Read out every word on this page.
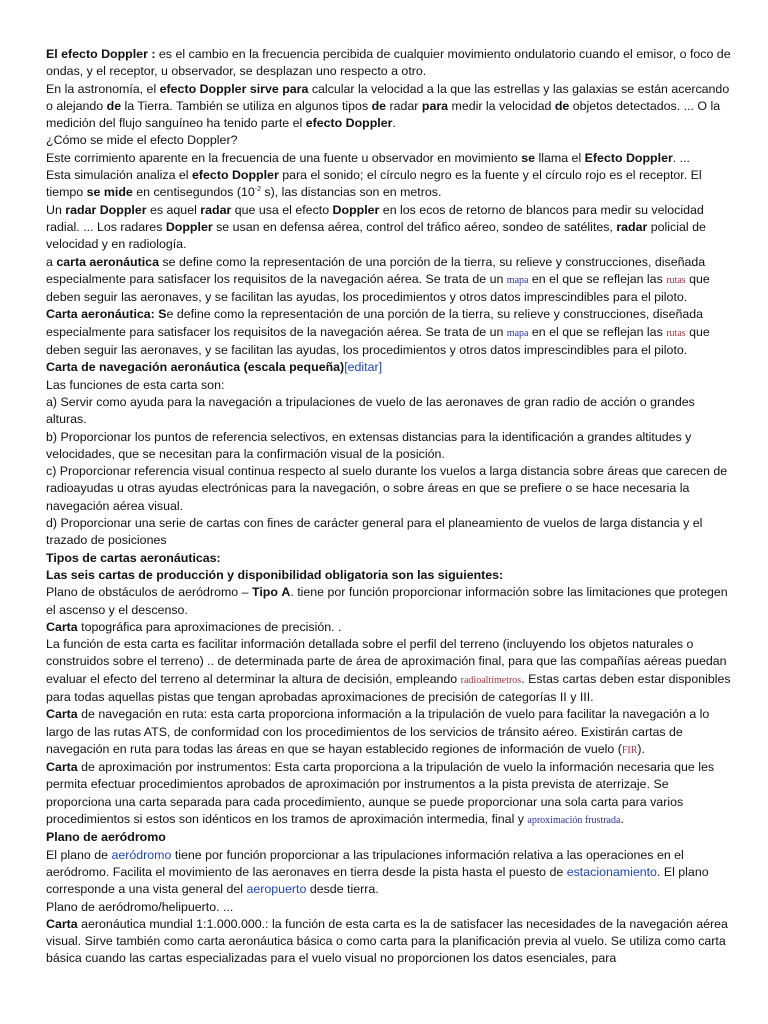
El efecto Doppler : es el cambio en la frecuencia percibida de cualquier movimiento ondulatorio cuando el emisor, o foco de ondas, y el receptor, u observador, se desplazan uno respecto a otro.

En la astronomía, el efecto Doppler sirve para calcular la velocidad a la que las estrellas y las galaxias se están acercando o alejando de la Tierra. También se utiliza en algunos tipos de radar para medir la velocidad de objetos detectados. ... O la medición del flujo sanguíneo ha tenido parte el efecto Doppler.

¿Cómo se mide el efecto Doppler?

Este corrimiento aparente en la frecuencia de una fuente u observador en movimiento se llama el Efecto Doppler. ...

Esta simulación analiza el efecto Doppler para el sonido; el círculo negro es la fuente y el círculo rojo es el receptor. El tiempo se mide en centisegundos ($10^{-2}$ s), las distancias son en metros.

Un radar Doppler es aquel radar que usa el efecto Doppler en los ecos de retorno de blancos para medir su velocidad radial. ... Los radares Doppler se usan en defensa aérea, control del tráfico aéreo, sondeo de satélites, radar policial de velocidad y en radiología.

a carta aeronáutica se define como la representación de una porción de la tierra, su relieve y construcciones, diseñada especialmente para satisfacer los requisitos de la navegación aérea. Se trata de un mapa en el que se reflejan las rutas que deben seguir las aeronaves, y se facilitan las ayudas, los procedimientos y otros datos imprescindibles para el piloto.

Carta aeronáutica: Se define como la representación de una porción de la tierra, su relieve y construcciones, diseñada especialmente para satisfacer los requisitos de la navegación aérea. Se trata de un mapa en el que se reflejan las rutas que deben seguir las aeronaves, y se facilitan las ayudas, los procedimientos y otros datos imprescindibles para el piloto.

Carta de navegación aeronáutica (escala pequeña)[editar]

Las funciones de esta carta son:

a) Servir como ayuda para la navegación a tripulaciones de vuelo de las aeronaves de gran radio de acción o grandes alturas.

b) Proporcionar los puntos de referencia selectivos, en extensas distancias para la identificación a grandes altitudes y velocidades, que se necesitan para la confirmación visual de la posición.

c) Proporcionar referencia visual continua respecto al suelo durante los vuelos a larga distancia sobre áreas que carecen de radioayudas u otras ayudas electrónicas para la navegación, o sobre áreas en que se prefiere o se hace necesaria la navegación aérea visual.

d) Proporcionar una serie de cartas con fines de carácter general para el planeamiento de vuelos de larga distancia y el trazado de posiciones

Tipos de cartas aeronáuticas:

Las seis cartas de producción y disponibilidad obligatoria son las siguientes:

Plano de obstáculos de aeródromo – Tipo A. tiene por función proporcionar información sobre las limitaciones que protegen el ascenso y el descenso.

Carta topográfica para aproximaciones de precisión. .

La función de esta carta es facilitar información detallada sobre el perfil del terreno (incluyendo los objetos naturales o construidos sobre el terreno) .. de determinada parte de área de aproximación final, para que las compañías aéreas puedan evaluar el efecto del terreno al determinar la altura de decisión, empleando radioaltímetros. Estas cartas deben estar disponibles para todas aquellas pistas que tengan aprobadas aproximaciones de precisión de categorías II y III.

Carta de navegación en ruta: esta carta proporciona información a la tripulación de vuelo para facilitar la navegación a lo largo de las rutas ATS, de conformidad con los procedimientos de los servicios de tránsito aéreo. Existirán cartas de navegación en ruta para todas las áreas en que se hayan establecido regiones de información de vuelo (FIR).

Carta de aproximación por instrumentos: Esta carta proporciona a la tripulación de vuelo la información necesaria que les permita efectuar procedimientos aprobados de aproximación por instrumentos a la pista prevista de aterrizaje. Se proporciona una carta separada para cada procedimiento, aunque se puede proporcionar una sola carta para varios procedimientos si estos son idénticos en los tramos de aproximación intermedia, final y aproximación frustrada.

Plano de aeródromo

El plano de aeródromo tiene por función proporcionar a las tripulaciones información relativa a las operaciones en el aeródromo. Facilita el movimiento de las aeronaves en tierra desde la pista hasta el puesto de estacionamiento. El plano corresponde a una vista general del aeropuerto desde tierra.

Plano de aeródromo/helipuerto. ...

Carta aeronáutica mundial 1:1.000.000.: la función de esta carta es la de satisfacer las necesidades de la navegación aérea visual. Sirve también como carta aeronáutica básica o como carta para la planificación previa al vuelo. Se utiliza como carta básica cuando las cartas especializadas para el vuelo visual no proporcionen los datos esenciales, para
